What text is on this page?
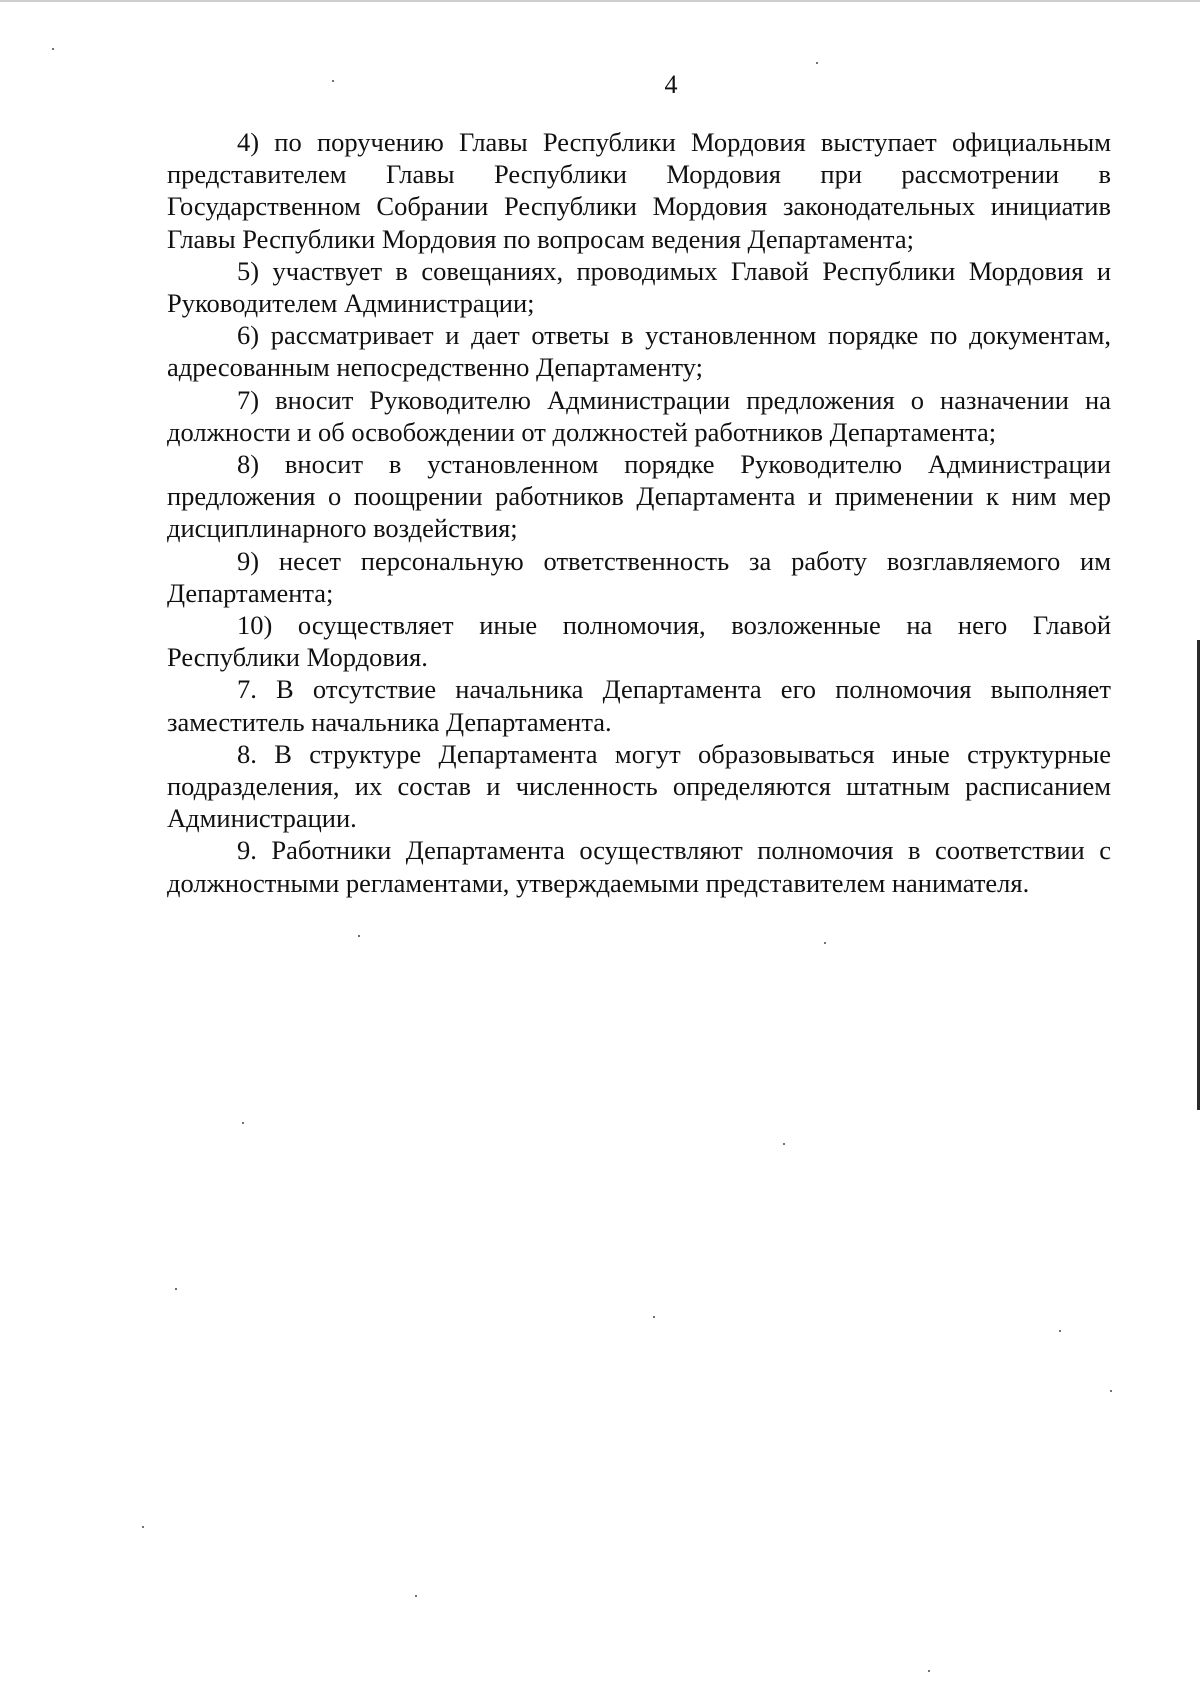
4

4) по поручению Главы Республики Мордовия выступает официальным представителем Главы Республики Мордовия при рассмотрении в Государственном Собрании Республики Мордовия законодательных инициатив Главы Республики Мордовия по вопросам ведения Департамента;

5) участвует в совещаниях, проводимых Главой Республики Мордовия и Руководителем Администрации;

6) рассматривает и дает ответы в установленном порядке по документам, адресованным непосредственно Департаменту;

7) вносит Руководителю Администрации предложения о назначении на должности и об освобождении от должностей работников Департамента;

8) вносит в установленном порядке Руководителю Администрации предложения о поощрении работников Департамента и применении к ним мер дисциплинарного воздействия;

9) несет персональную ответственность за работу возглавляемого им Департамента;

10) осуществляет иные полномочия, возложенные на него Главой Республики Мордовия.

7. В отсутствие начальника Департамента его полномочия выполняет заместитель начальника Департамента.

8. В структуре Департамента могут образовываться иные структурные подразделения, их состав и численность определяются штатным расписанием Администрации.

9. Работники Департамента осуществляют полномочия в соответствии с должностными регламентами, утверждаемыми представителем нанимателя.
